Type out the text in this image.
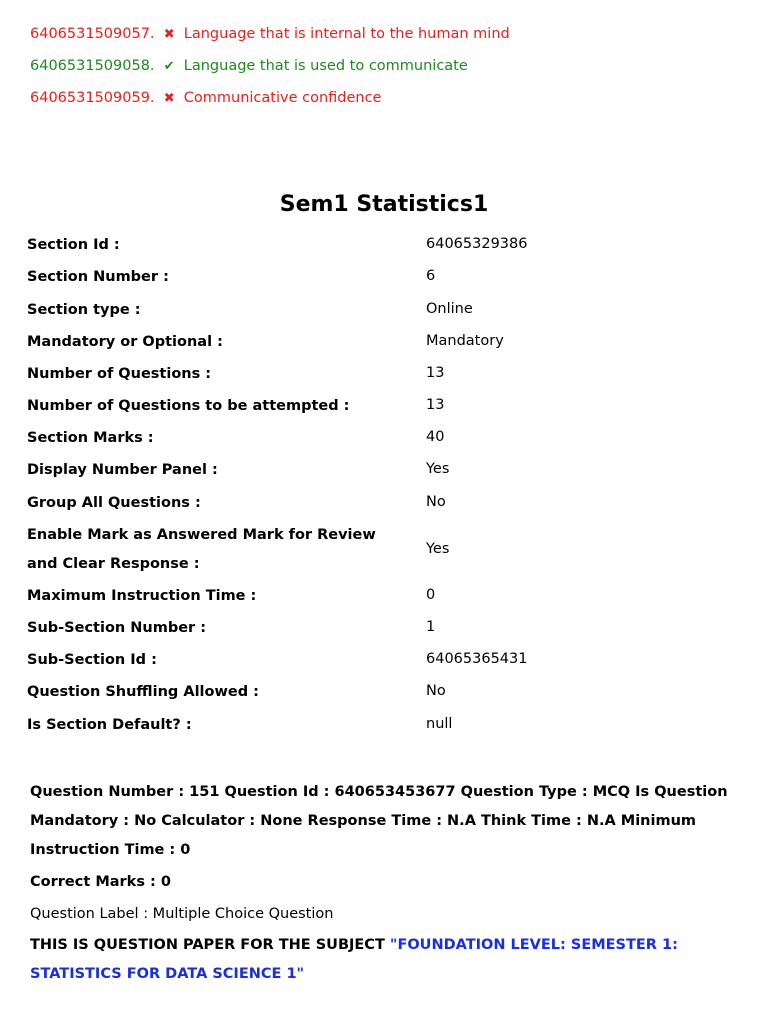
6406531509057. ✖ Language that is internal to the human mind
6406531509058. ✔ Language that is used to communicate
6406531509059. ✖ Communicative confidence
Sem1 Statistics1
Section Id :	64065329386
Section Number :	6
Section type :	Online
Mandatory or Optional :	Mandatory
Number of Questions :	13
Number of Questions to be attempted :	13
Section Marks :	40
Display Number Panel :	Yes
Group All Questions :	No
Enable Mark as Answered Mark for Review and Clear Response :
Yes
Maximum Instruction Time :	0
Sub-Section Number :	1
Sub-Section Id :	64065365431
Question Shuffling Allowed :	No
Is Section Default? :	null
Question Number : 151 Question Id : 640653453677 Question Type : MCQ Is Question Mandatory : No Calculator : None Response Time : N.A Think Time : N.A Minimum Instruction Time : 0
Correct Marks : 0
Question Label : Multiple Choice Question
THIS IS QUESTION PAPER FOR THE SUBJECT "FOUNDATION LEVEL: SEMESTER 1: STATISTICS FOR DATA SCIENCE 1"
